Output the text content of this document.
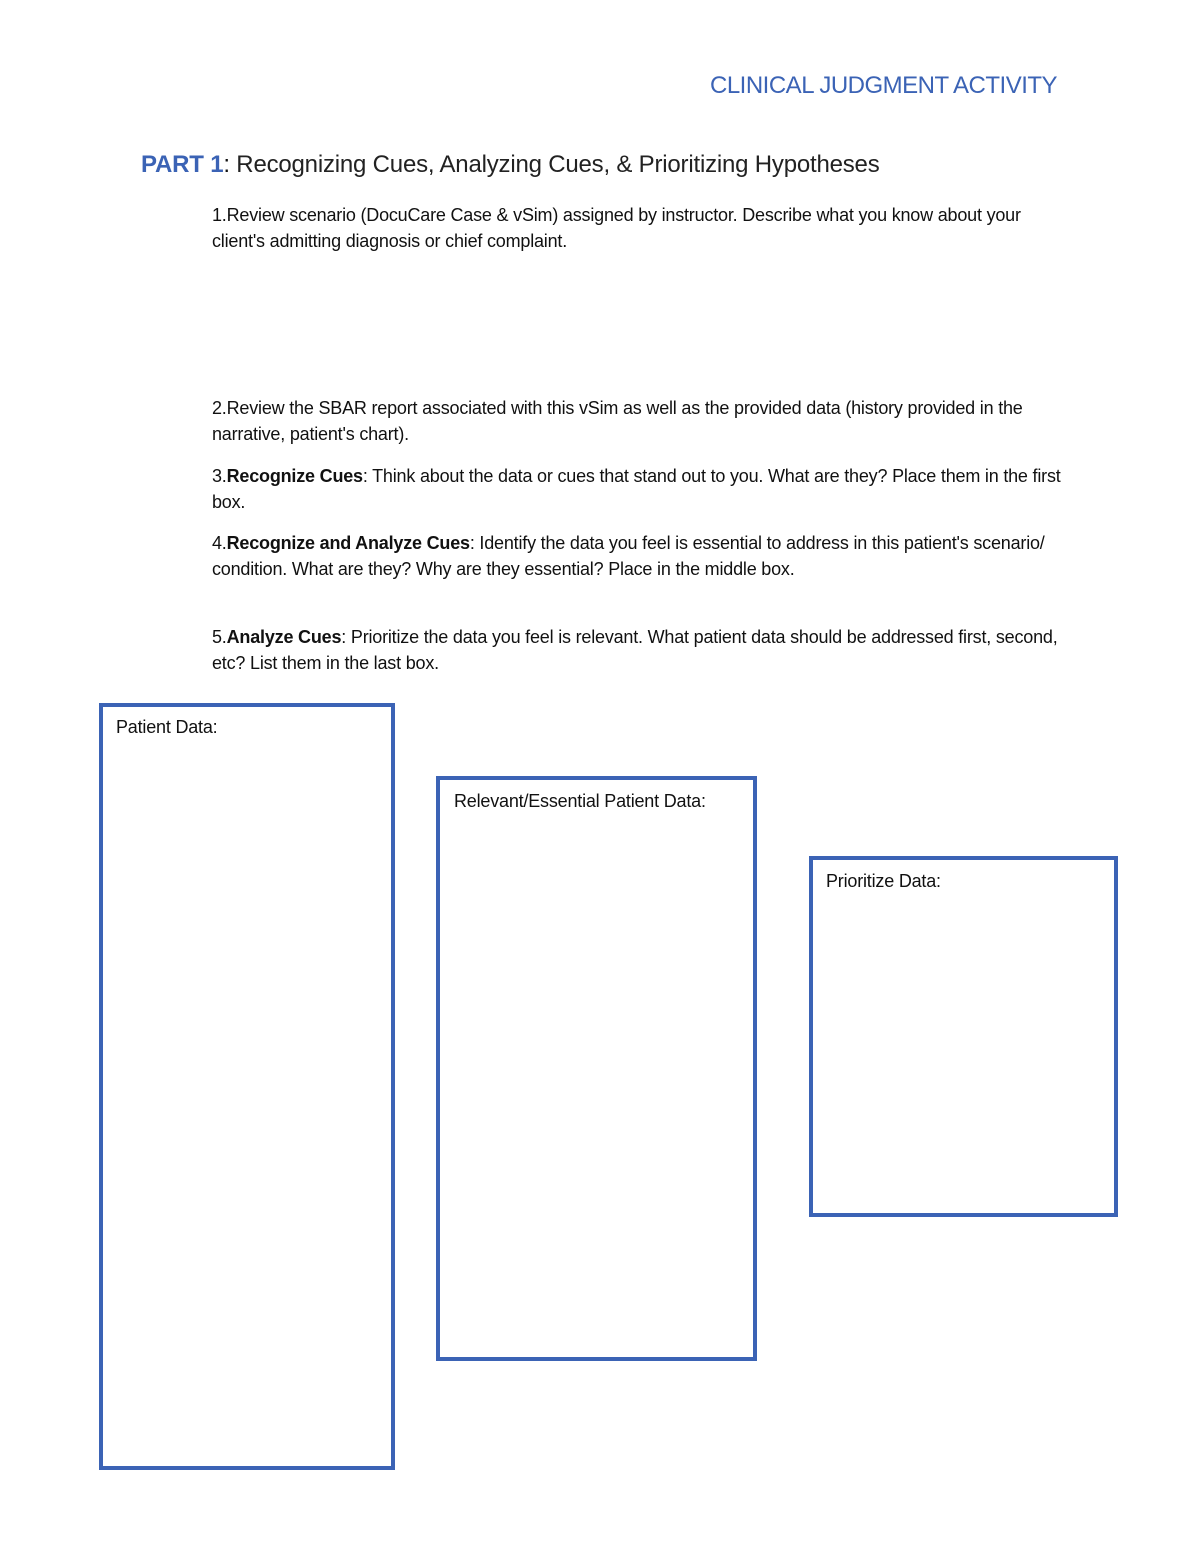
CLINICAL JUDGMENT ACTIVITY
PART 1: Recognizing Cues, Analyzing Cues, & Prioritizing Hypotheses
1.Review scenario (DocuCare Case & vSim) assigned by instructor. Describe what you know about your client's admitting diagnosis or chief complaint.
2.Review the SBAR report associated with this vSim as well as the provided data (history provided in the narrative, patient's chart).
3.Recognize Cues: Think about the data or cues that stand out to you. What are they? Place them in the first box.
4.Recognize and Analyze Cues: Identify the data you feel is essential to address in this patient's scenario/ condition. What are they? Why are they essential? Place in the middle box.
5.Analyze Cues: Prioritize the data you feel is relevant. What patient data should be addressed first, second, etc? List them in the last box.
Patient Data:
Relevant/Essential Patient Data:
Prioritize Data:
